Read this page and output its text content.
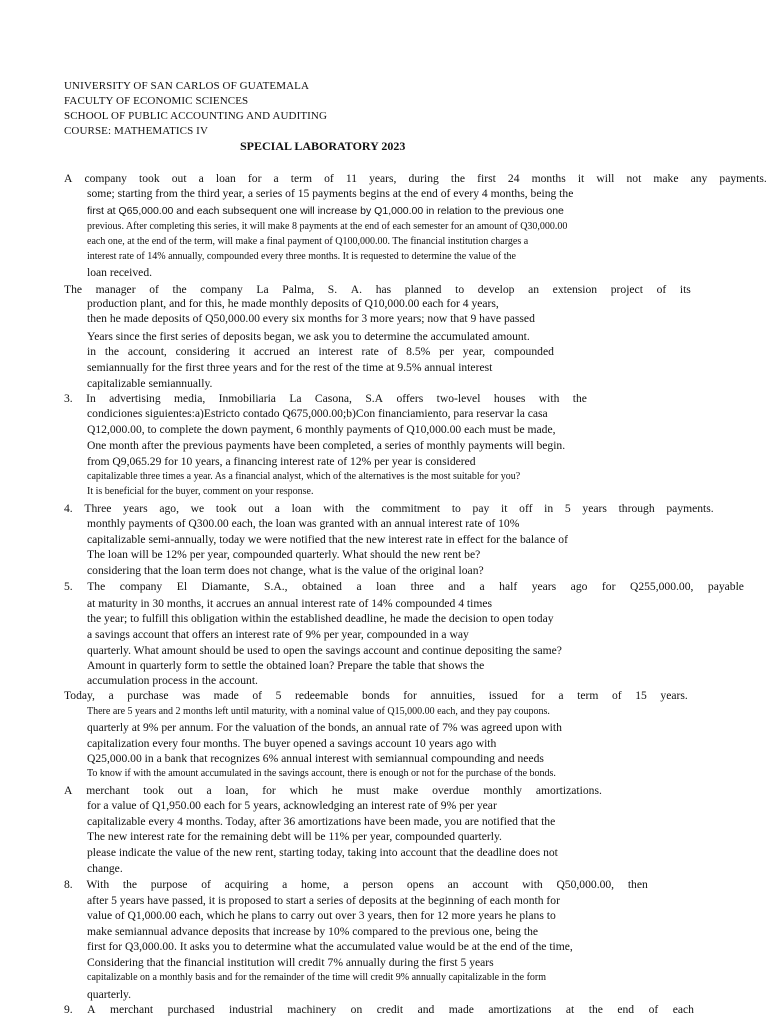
UNIVERSITY OF SAN CARLOS OF GUATEMALA
FACULTY OF ECONOMIC SCIENCES
SCHOOL OF PUBLIC ACCOUNTING AND AUDITING
COURSE: MATHEMATICS IV
SPECIAL LABORATORY 2023
A company took out a loan for a term of 11 years, during the first 24 months it will not make any payments.
some; starting from the third year, a series of 15 payments begins at the end of every 4 months, being the
first at Q65,000.00 and each subsequent one will increase by Q1,000.00 in relation to the previous one
previous. After completing this series, it will make 8 payments at the end of each semester for an amount of Q30,000.00
each one, at the end of the term, will make a final payment of Q100,000.00. The financial institution charges a
interest rate of 14% annually, compounded every three months. It is requested to determine the value of the
loan received.
The manager of the company La Palma, S. A. has planned to develop an extension project of its
production plant, and for this, he made monthly deposits of Q10,000.00 each for 4 years,
then he made deposits of Q50,000.00 every six months for 3 more years; now that 9 have passed
Years since the first series of deposits began, we ask you to determine the accumulated amount.
in the account, considering it accrued an interest rate of 8.5% per year, compounded
semiannually for the first three years and for the rest of the time at 9.5% annual interest
capitalizable semiannually.
3. In advertising media, Inmobiliaria La Casona, S.A offers two-level houses with the
condiciones siguientes:a)Estricto contado Q675,000.00;b)Con financiamiento, para reservar la casa
Q12,000.00, to complete the down payment, 6 monthly payments of Q10,000.00 each must be made,
One month after the previous payments have been completed, a series of monthly payments will begin.
from Q9,065.29 for 10 years, a financing interest rate of 12% per year is considered
capitalizable three times a year. As a financial analyst, which of the alternatives is the most suitable for you?
It is beneficial for the buyer, comment on your response.
4. Three years ago, we took out a loan with the commitment to pay it off in 5 years through payments.
monthly payments of Q300.00 each, the loan was granted with an annual interest rate of 10%
capitalizable semi-annually, today we were notified that the new interest rate in effect for the balance of
The loan will be 12% per year, compounded quarterly. What should the new rent be?
considering that the loan term does not change, what is the value of the original loan?
5. The company El Diamante, S.A., obtained a loan three and a half years ago for Q255,000.00, payable
at maturity in 30 months, it accrues an annual interest rate of 14% compounded 4 times
the year; to fulfill this obligation within the established deadline, he made the decision to open today
a savings account that offers an interest rate of 9% per year, compounded in a way
quarterly. What amount should be used to open the savings account and continue depositing the same?
Amount in quarterly form to settle the obtained loan? Prepare the table that shows the
accumulation process in the account.
Today, a purchase was made of 5 redeemable bonds for annuities, issued for a term of 15 years.
There are 5 years and 2 months left until maturity, with a nominal value of Q15,000.00 each, and they pay coupons.
quarterly at 9% per annum. For the valuation of the bonds, an annual rate of 7% was agreed upon with
capitalization every four months. The buyer opened a savings account 10 years ago with
Q25,000.00 in a bank that recognizes 6% annual interest with semiannual compounding and needs
To know if with the amount accumulated in the savings account, there is enough or not for the purchase of the bonds.
A merchant took out a loan, for which he must make overdue monthly amortizations.
for a value of Q1,950.00 each for 5 years, acknowledging an interest rate of 9% per year
capitalizable every 4 months. Today, after 36 amortizations have been made, you are notified that the
The new interest rate for the remaining debt will be 11% per year, compounded quarterly.
please indicate the value of the new rent, starting today, taking into account that the deadline does not
change.
8. With the purpose of acquiring a home, a person opens an account with Q50,000.00, then
after 5 years have passed, it is proposed to start a series of deposits at the beginning of each month for
value of Q1,000.00 each, which he plans to carry out over 3 years, then for 12 more years he plans to
make semiannual advance deposits that increase by 10% compared to the previous one, being the
first for Q3,000.00. It asks you to determine what the accumulated value would be at the end of the time,
Considering that the financial institution will credit 7% annually during the first 5 years
capitalizable on a monthly basis and for the remainder of the time will credit 9% annually capitalizable in the form
quarterly.
9. A merchant purchased industrial machinery on credit and made amortizations at the end of each
